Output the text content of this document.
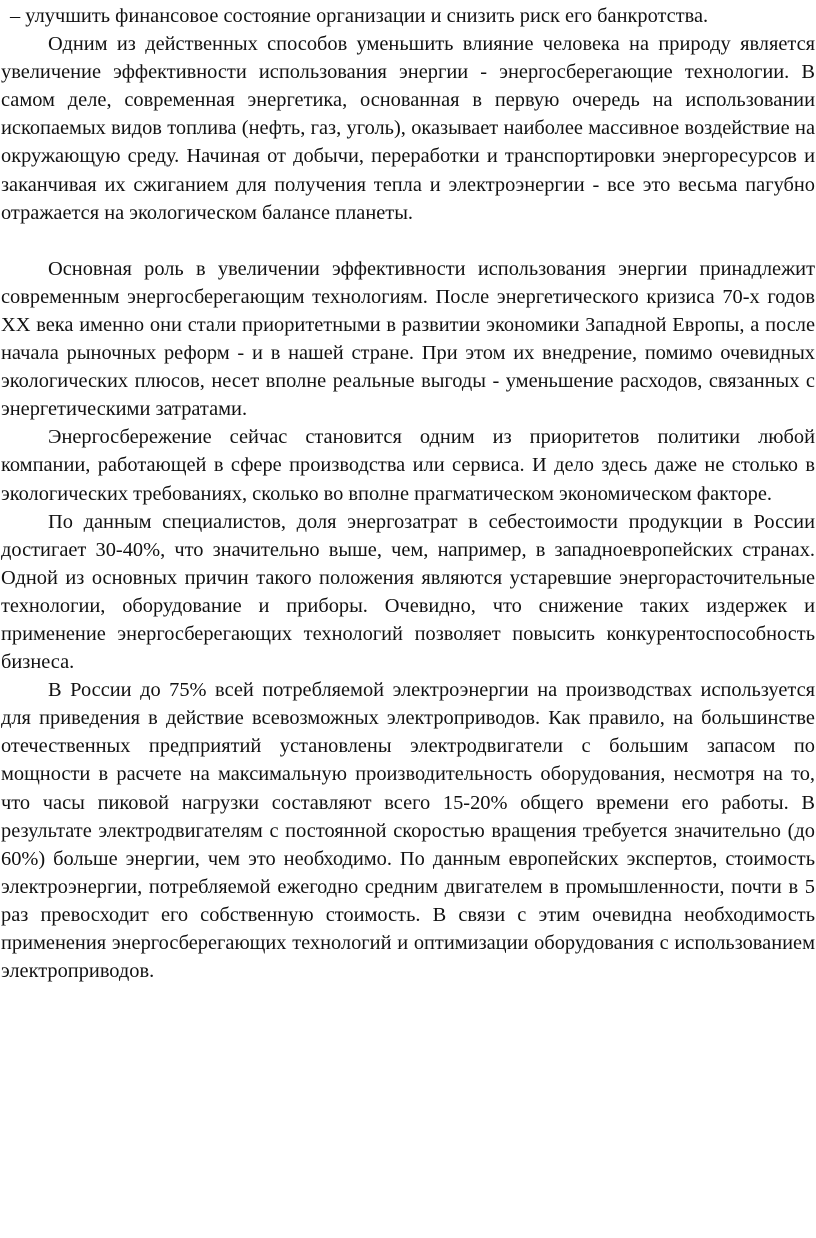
– улучшить финансовое состояние организации и снизить риск его банкротства.

Одним из действенных способов уменьшить влияние человека на природу является увеличение эффективности использования энергии - энергосберегающие технологии. В самом деле, современная энергетика, основанная в первую очередь на использовании ископаемых видов топлива (нефть, газ, уголь), оказывает наиболее массивное воздействие на окружающую среду. Начиная от добычи, переработки и транспортировки энергоресурсов и заканчивая их сжиганием для получения тепла и электроэнергии - все это весьма пагубно отражается на экологическом балансе планеты.

Основная роль в увеличении эффективности использования энергии принадлежит современным энергосберегающим технологиям. После энергетического кризиса 70-х годов XX века именно они стали приоритетными в развитии экономики Западной Европы, а после начала рыночных реформ - и в нашей стране. При этом их внедрение, помимо очевидных экологических плюсов, несет вполне реальные выгоды - уменьшение расходов, связанных с энергетическими затратами.

Энергосбережение сейчас становится одним из приоритетов политики любой компании, работающей в сфере производства или сервиса. И дело здесь даже не столько в экологических требованиях, сколько во вполне прагматическом экономическом факторе.

По данным специалистов, доля энергозатрат в себестоимости продукции в России достигает 30-40%, что значительно выше, чем, например, в западноевропейских странах. Одной из основных причин такого положения являются устаревшие энергорасточительные технологии, оборудование и приборы. Очевидно, что снижение таких издержек и применение энергосберегающих технологий позволяет повысить конкурентоспособность бизнеса.

В России до 75% всей потребляемой электроэнергии на производствах используется для приведения в действие всевозможных электроприводов. Как правило, на большинстве отечественных предприятий установлены электродвигатели с большим запасом по мощности в расчете на максимальную производительность оборудования, несмотря на то, что часы пиковой нагрузки составляют всего 15-20% общего времени его работы. В результате электродвигателям с постоянной скоростью вращения требуется значительно (до 60%) больше энергии, чем это необходимо. По данным европейских экспертов, стоимость электроэнергии, потребляемой ежегодно средним двигателем в промышленности, почти в 5 раз превосходит его собственную стоимость. В связи с этим очевидна необходимость применения энергосберегающих технологий и оптимизации оборудования с использованием электроприводов.
